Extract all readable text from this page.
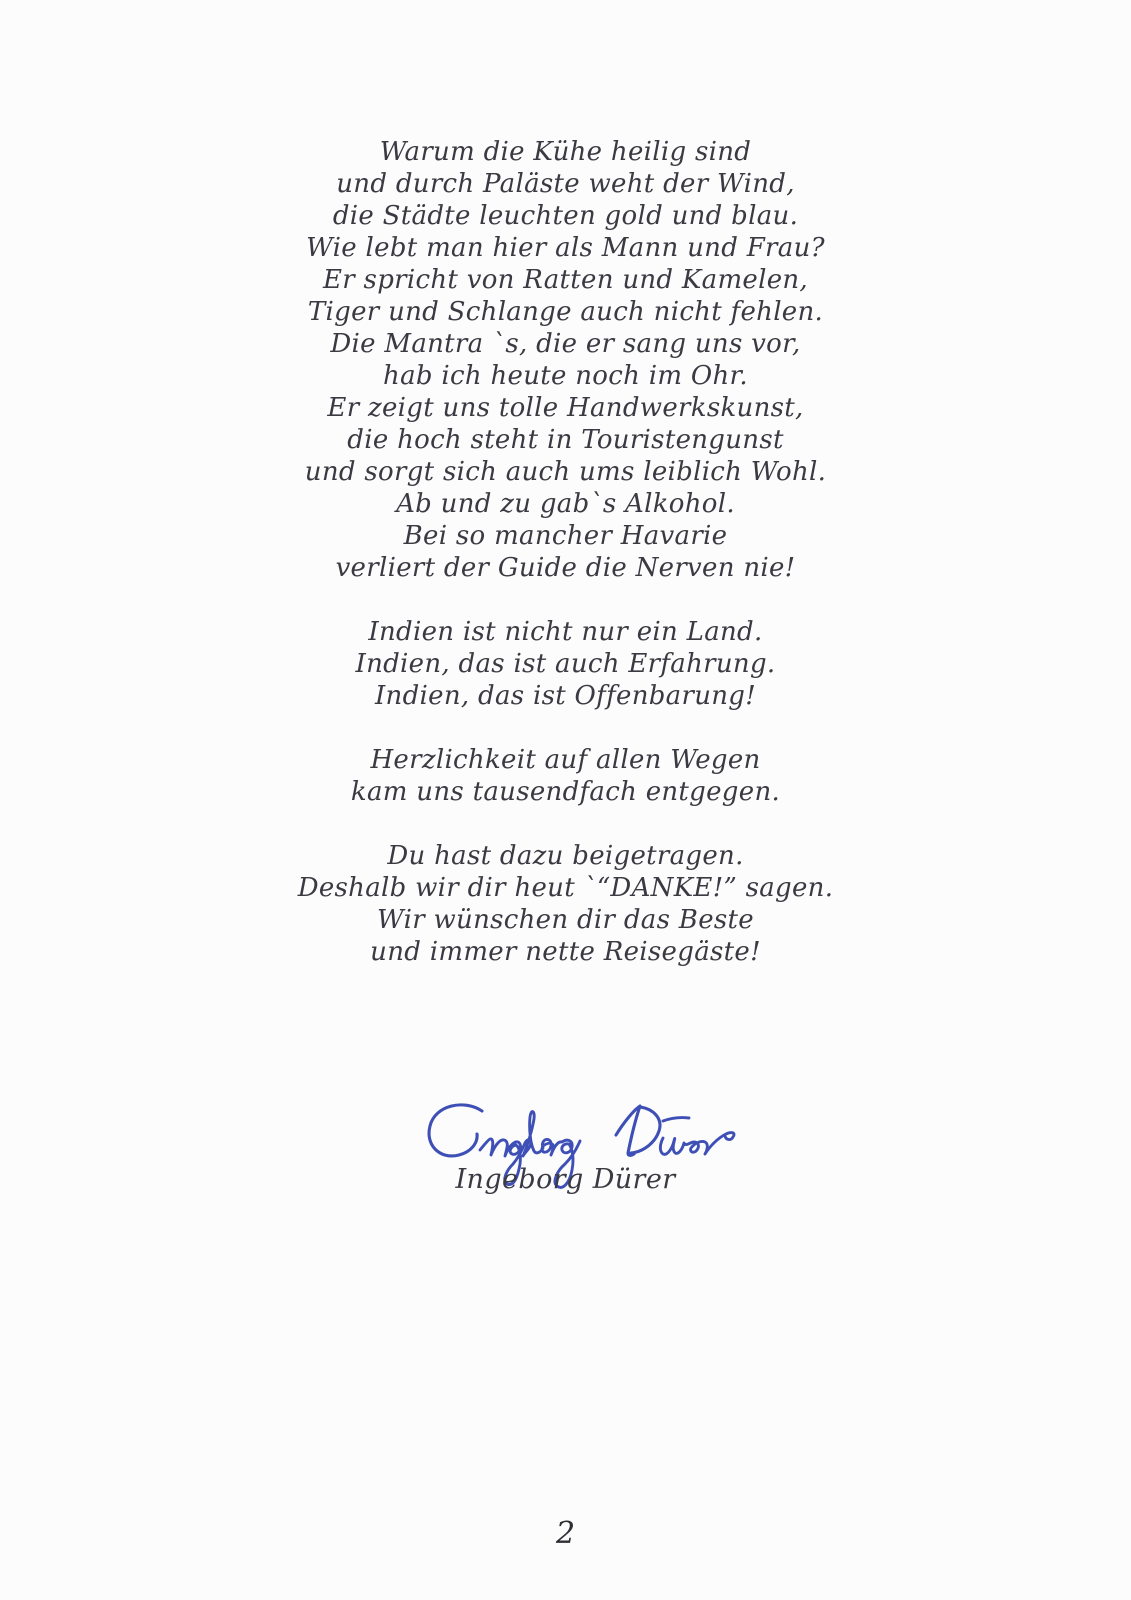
Warum die Kühe heilig sind
und durch Paläste weht der Wind,
die Städte leuchten gold und blau.
Wie lebt man hier als Mann und Frau?
Er spricht von Ratten und Kamelen,
Tiger und Schlange auch nicht fehlen.
Die Mantra `s, die er sang uns vor,
hab ich heute noch im Ohr.
Er zeigt uns tolle Handwerkskunst,
die hoch steht in Touristengunst
und sorgt sich auch ums leiblich Wohl.
Ab und zu gab`s Alkohol.
Bei so mancher Havarie
verliert der Guide die Nerven nie!
Indien ist nicht nur ein Land.
Indien, das ist auch Erfahrung.
Indien, das ist Offenbarung!
Herzlichkeit auf allen Wegen
kam uns tausendfach entgegen.
Du hast dazu beigetragen.
Deshalb wir dir heut `“DANKE!” sagen.
Wir wünschen dir das Beste
und immer nette Reisegäste!
Ingeborg Dürer
2
